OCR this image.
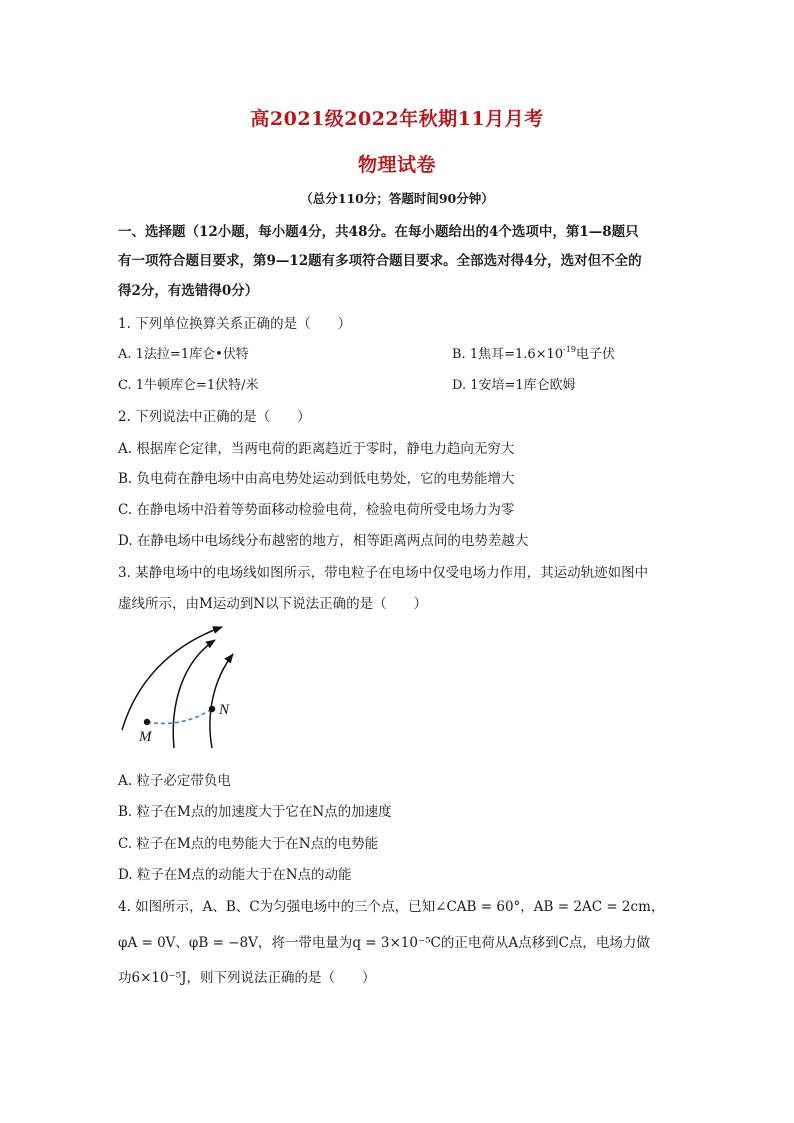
高2021级2022年秋期11月月考
物理试卷
（总分110分；答题时间90分钟）
一、选择题（12小题，每小题4分，共48分。在每小题给出的4个选项中，第1—8题只
有一项符合题目要求，第9—12题有多项符合题目要求。全部选对得4分，选对但不全的
得2分，有选错得0分）
1. 下列单位换算关系正确的是（　　）
A. 1法拉=1库仑•伏特	B. 1焦耳$=1.6\times 10^{-19}$电子伏
C. 1牛顿库仑=1伏特/米	D. 1安培=1库仑欧姆
2. 下列说法中正确的是（　　）
A. 根据库仑定律，当两电荷的距离趋近于零时，静电力趋向无穷大
B. 负电荷在静电场中由高电势处运动到低电势处，它的电势能增大
C. 在静电场中沿着等势面移动检验电荷，检验电荷所受电场力为零
D. 在静电场中电场线分布越密的地方，相等距离两点间的电势差越大
3. 某静电场中的电场线如图所示，带电粒子在电场中仅受电场力作用，其运动轨迹如图中
虚线所示，由M运动到N以下说法正确的是（　　）
M
N
A. 粒子必定带负电
B. 粒子在M点的加速度大于它在N点的加速度
C. 粒子在M点的电势能大于在N点的电势能
D. 粒子在M点的动能大于在N点的动能
4. 如图所示，A、B、C为匀强电场中的三个点，已知∠CAB = 60°，AB = 2AC = 2cm，
φA = 0V、φB = −8V，将一带电量为q = 3×10⁻⁵C的正电荷从A点移到C点，电场力做
功6×10⁻⁵J，则下列说法正确的是（　　）
